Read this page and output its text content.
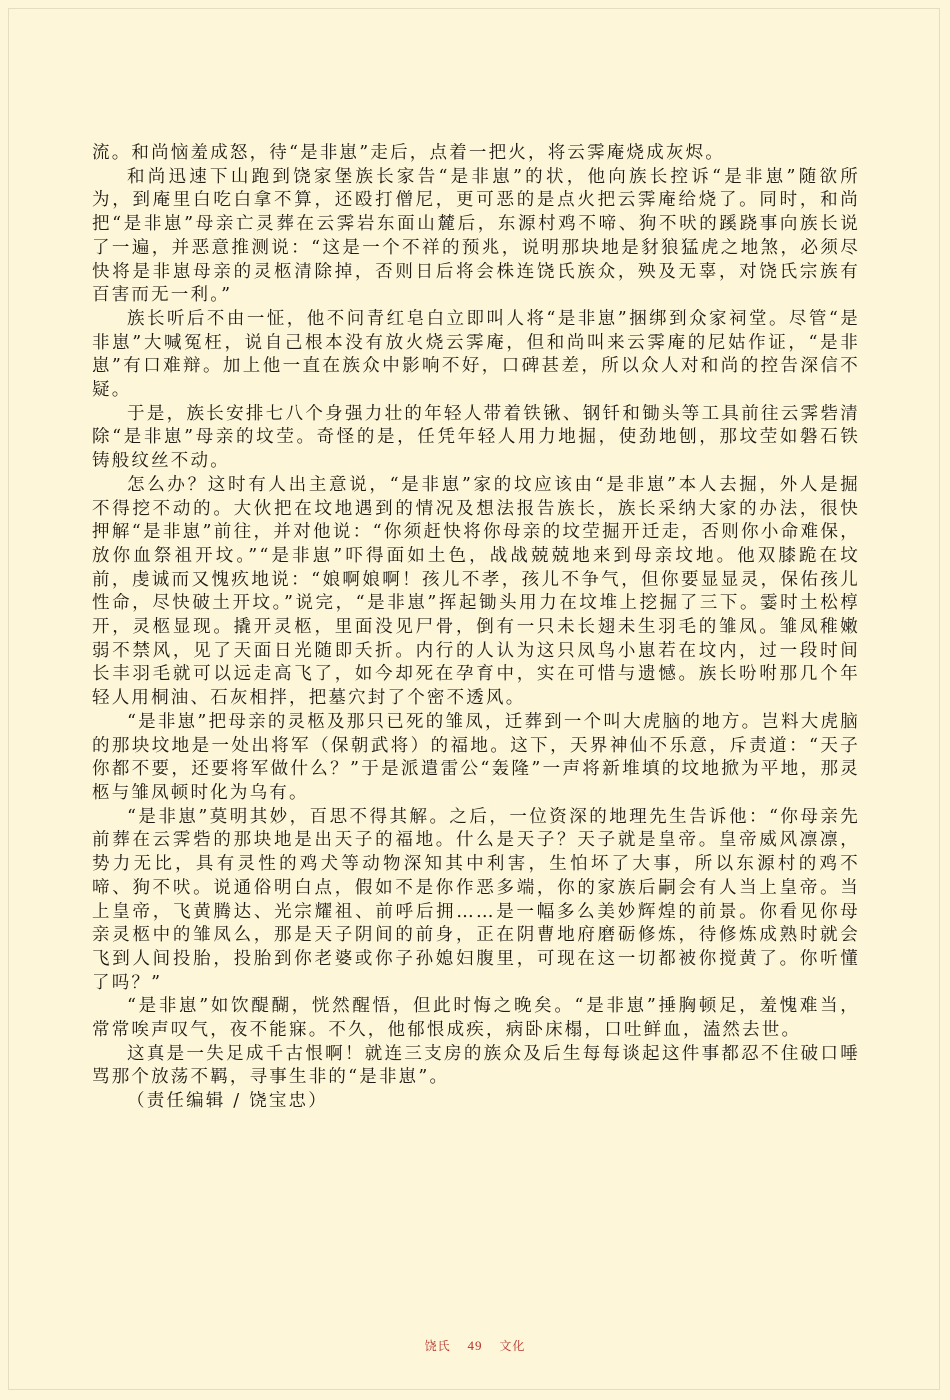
流。和尚恼羞成怒，待“是非崽”走后，点着一把火，将云霁庵烧成灰烬。

和尚迅速下山跑到饶家堡族长家告“是非崽”的状，他向族长控诉“是非崽”随欲所为，到庵里白吃白拿不算，还殴打僧尼，更可恶的是点火把云霁庵给烧了。同时，和尚把“是非崽”母亲亡灵葬在云霁岩东面山麓后，东源村鸡不啼、狗不吠的蹊跷事向族长说了一遍，并恶意推测说：“这是一个不祥的预兆，说明那块地是豺狼猛虎之地煞，必须尽快将是非崽母亲的灵柩清除掉，否则日后将会株连饶氏族众，殃及无辜，对饶氏宗族有百害而无一利。”

族长听后不由一怔，他不问青红皂白立即叫人将“是非崽”捆绑到众家祠堂。尽管“是非崽”大喊冤枉，说自己根本没有放火烧云霁庵，但和尚叫来云霁庵的尼姑作证，“是非崽”有口难辩。加上他一直在族众中影响不好，口碑甚差，所以众人对和尚的控告深信不疑。

于是，族长安排七八个身强力壮的年轻人带着铁锹、钢钎和锄头等工具前往云霁砦清除“是非崽”母亲的坟茔。奇怪的是，任凭年轻人用力地掘，使劲地刨，那坟茔如磐石铁铸般纹丝不动。

怎么办？这时有人出主意说，“是非崽”家的坟应该由“是非崽”本人去掘，外人是掘不得挖不动的。大伙把在坟地遇到的情况及想法报告族长，族长采纳大家的办法，很快押解“是非崽”前往，并对他说：“你须赶快将你母亲的坟茔掘开迁走，否则你小命难保，放你血祭祖开坟。”“是非崽”吓得面如土色，战战兢兢地来到母亲坟地。他双膝跪在坟前，虔诚而又愧疚地说：“娘啊娘啊！孩儿不孝，孩儿不争气，但你要显显灵，保佑孩儿性命，尽快破土开坟。”说完，“是非崽”挥起锄头用力在坟堆上挖掘了三下。霎时土松椁开，灵柩显现。撬开灵柩，里面没见尸骨，倒有一只未长翅未生羽毛的雏凤。雏凤稚嫩弱不禁风，见了天面日光随即夭折。内行的人认为这只凤鸟小崽若在坟内，过一段时间长丰羽毛就可以远走高飞了，如今却死在孕育中，实在可惜与遗憾。族长吩咐那几个年轻人用桐油、石灰相拌，把墓穴封了个密不透风。

“是非崽”把母亲的灵柩及那只已死的雏凤，迁葬到一个叫大虎脑的地方。岂料大虎脑的那块坟地是一处出将军（保朝武将）的福地。这下，天界神仙不乐意，斥责道：“天子你都不要，还要将军做什么？”于是派遣雷公“轰隆”一声将新堆填的坟地掀为平地，那灵柩与雏凤顿时化为乌有。

“是非崽”莫明其妙，百思不得其解。之后，一位资深的地理先生告诉他：“你母亲先前葬在云霁砦的那块地是出天子的福地。什么是天子？天子就是皇帝。皇帝威风凛凛，势力无比，具有灵性的鸡犬等动物深知其中利害，生怕坏了大事，所以东源村的鸡不啼、狗不吠。说通俗明白点，假如不是你作恶多端，你的家族后嗣会有人当上皇帝。当上皇帝，飞黄腾达、光宗耀祖、前呼后拥……是一幅多么美妙辉煌的前景。你看见你母亲灵柩中的雏凤么，那是天子阴间的前身，正在阴曹地府磨砺修炼，待修炼成熟时就会飞到人间投胎，投胎到你老婆或你子孙媳妇腹里，可现在这一切都被你搅黄了。你听懂了吗？”

“是非崽”如饮醍醐，恍然醒悟，但此时悔之晚矣。“是非崽”捶胸顿足，羞愧难当，常常唉声叹气，夜不能寐。不久，他郁恨成疾，病卧床榻，口吐鲜血，溘然去世。

这真是一失足成千古恨啊！就连三支房的族众及后生每每谈起这件事都忍不住破口唾骂那个放荡不羁，寻事生非的“是非崽”。

（责任编辑 / 饶宝忠）

饶氏 49 文化
